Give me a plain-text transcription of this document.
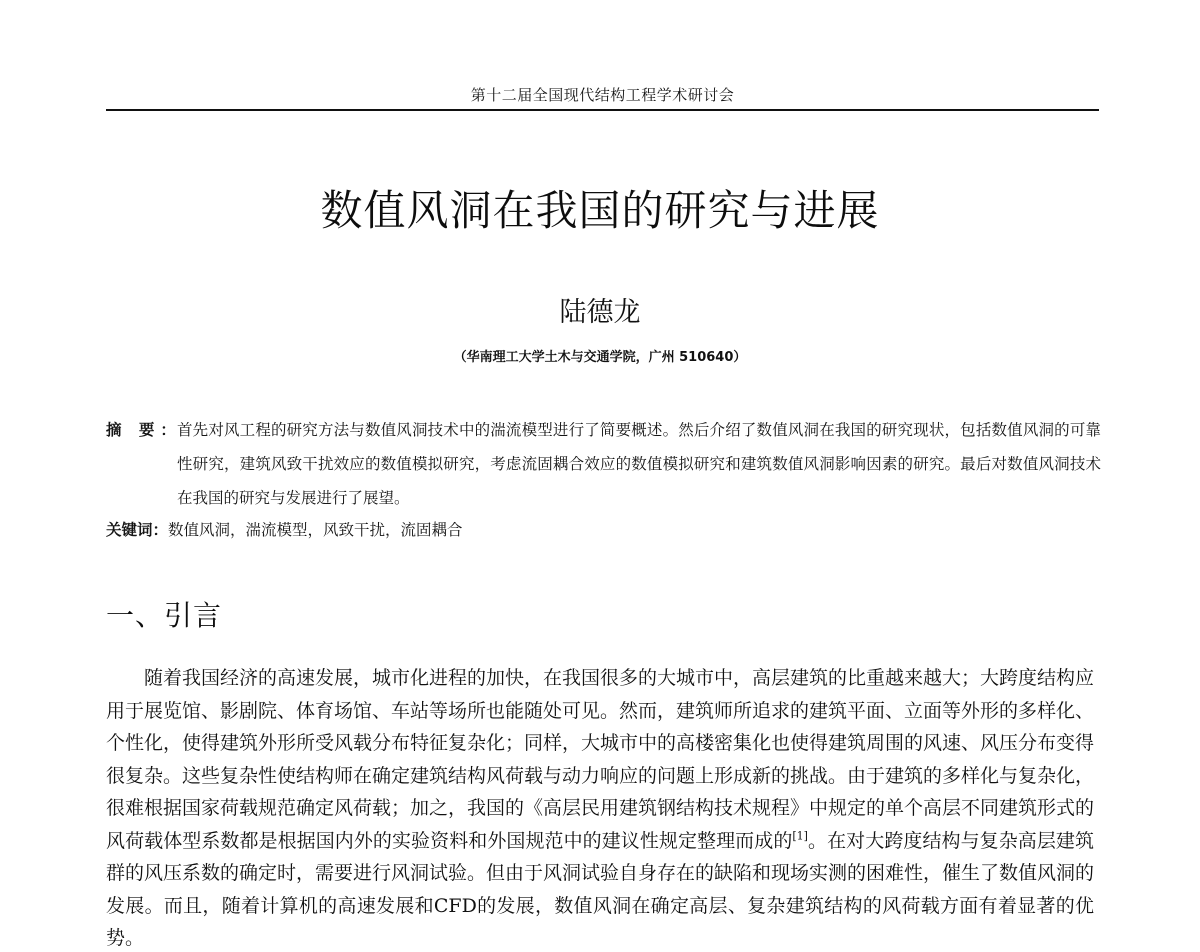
第十二届全国现代结构工程学术研讨会
数值风洞在我国的研究与进展
陆德龙
（华南理工大学土木与交通学院，广州 510640）
摘 要：
首先对风工程的研究方法与数值风洞技术中的湍流模型进行了简要概述。然后介绍了数值风洞在我国的研究现状，包括数值风洞的可靠性研究，建筑风致干扰效应的数值模拟研究，考虑流固耦合效应的数值模拟研究和建筑数值风洞影响因素的研究。最后对数值风洞技术在我国的研究与发展进行了展望。
关键词：数值风洞，湍流模型，风致干扰，流固耦合
一、引言
随着我国经济的高速发展，城市化进程的加快，在我国很多的大城市中，高层建筑的比重越来越大；大跨度结构应用于展览馆、影剧院、体育场馆、车站等场所也能随处可见。然而，建筑师所追求的建筑平面、立面等外形的多样化、个性化，使得建筑外形所受风载分布特征复杂化；同样，大城市中的高楼密集化也使得建筑周围的风速、风压分布变得很复杂。这些复杂性使结构师在确定建筑结构风荷载与动力响应的问题上形成新的挑战。由于建筑的多样化与复杂化，很难根据国家荷载规范确定风荷载；加之，我国的《高层民用建筑钢结构技术规程》中规定的单个高层不同建筑形式的风荷载体型系数都是根据国内外的实验资料和外国规范中的建议性规定整理而成的[1]。在对大跨度结构与复杂高层建筑群的风压系数的确定时，需要进行风洞试验。但由于风洞试验自身存在的缺陷和现场实测的困难性，催生了数值风洞的发展。而且，随着计算机的高速发展和CFD的发展，数值风洞在确定高层、复杂建筑结构的风荷载方面有着显著的优势。
